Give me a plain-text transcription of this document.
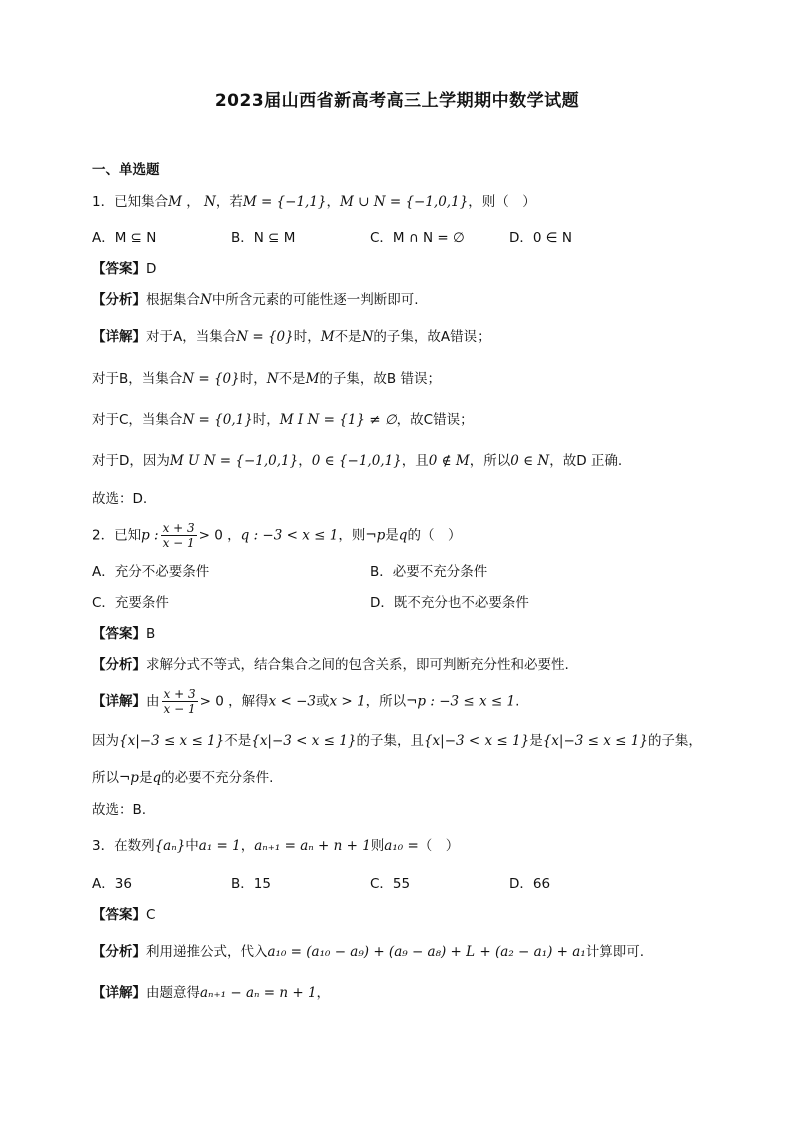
2023届山西省新高考高三上学期期中数学试题
一、单选题
1．已知集合M ， N，若M = {−1,1}，M ∪ N = {−1,0,1}，则（　）
A．M ⊆ N	B．N ⊆ M	C．M ∩ N = ∅	D．0 ∈ N
【答案】D
【分析】根据集合N中所含元素的可能性逐一判断即可.
【详解】对于A，当集合N = {0}时，M不是N的子集，故A错误；
对于B，当集合N = {0}时，N不是M的子集，故B 错误；
对于C，当集合N = {0,1}时，M I N = {1} ≠ ∅，故C错误；
对于D，因为M U N = {−1,0,1}，0 ∈ {−1,0,1}，且0 ∉ M，所以0 ∈ N，故D 正确.
故选：D.
2．已知p : $\frac{x + 3}{x - 1} > 0$ ，q : −3 < x ≤ 1，则¬p是q的（　）
A．充分不必要条件	B．必要不充分条件
C．充要条件	D．既不充分也不必要条件
【答案】B
【分析】求解分式不等式，结合集合之间的包含关系，即可判断充分性和必要性.
【详解】由 $\frac{x + 3}{x - 1} > 0$ ，解得x < −3或x > 1，所以¬p : −3 ≤ x ≤ 1.
因为{x|−3 ≤ x ≤ 1}不是{x|−3 < x ≤ 1}的子集，且{x|−3 < x ≤ 1}是{x|−3 ≤ x ≤ 1}的子集，
所以¬p是q的必要不充分条件.
故选：B.
3．在数列{aₙ}中a₁ = 1，aₙ₊₁ = aₙ + n + 1则a₁₀ =（　）
A．36	B．15	C．55	D．66
【答案】C
【分析】利用递推公式，代入a₁₀ = (a₁₀ − a₉) + (a₉ − a₈) + L + (a₂ − a₁) + a₁计算即可.
【详解】由题意得aₙ₊₁ − aₙ = n + 1，
